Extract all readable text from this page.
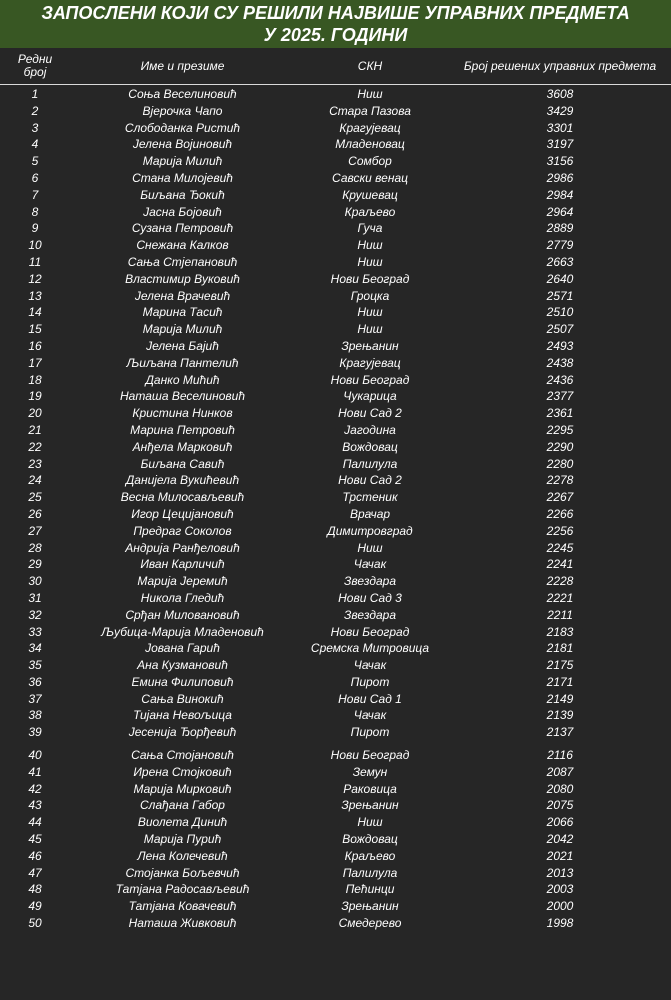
ЗАПОСЛЕНИ КОЈИ СУ РЕШИЛИ НАЈВИШЕ УПРАВНИХ ПРЕДМЕТА
У 2025. ГОДИНИ
Редни
број	Име и презиме	СКН	Број решених управних предмета
1	Соња Веселиновић	Ниш	3608
2	Вјерочка Чапо	Стара Пазова	3429
3	Слободанка Ристић	Крагујевац	3301
4	Јелена Војиновић	Младеновац	3197
5	Марија Милић	Сомбор	3156
6	Стана Милојевић	Савски венац	2986
7	Биљана Ђокић	Крушевац	2984
8	Јасна Бојовић	Краљево	2964
9	Сузана Петровић	Гуча	2889
10	Снежана Калков	Ниш	2779
11	Сања Стјепановић	Ниш	2663
12	Властимир Вуковић	Нови Београд	2640
13	Јелена Врачевић	Гроцка	2571
14	Марина Тасић	Ниш	2510
15	Марија Милић	Ниш	2507
16	Јелена Бајић	Зрењанин	2493
17	Љиљана Пантелић	Крагујевац	2438
18	Данко Мићић	Нови Београд	2436
19	Наташа Веселиновић	Чукарица	2377
20	Кристина Нинков	Нови Сад 2	2361
21	Марина Петровић	Јагодина	2295
22	Анђела Марковић	Вождовац	2290
23	Биљана Савић	Палилула	2280
24	Данијела Вукићевић	Нови Сад 2	2278
25	Весна Милосављевић	Трстеник	2267
26	Игор Цецијановић	Врачар	2266
27	Предраг Соколов	Димитровград	2256
28	Андрија Ранђеловић	Ниш	2245
29	Иван Карличић	Чачак	2241
30	Марија Јеремић	Звездара	2228
31	Никола Гледић	Нови Сад 3	2221
32	Срђан Миловановић	Звездара	2211
33	Љубица-Марија Младеновић	Нови Београд	2183
34	Јована Гарић	Сремска Митровица	2181
35	Ана Кузмановић	Чачак	2175
36	Емина Филиповић	Пирот	2171
37	Сања Винокић	Нови Сад 1	2149
38	Тијана Невољица	Чачак	2139
39	Јесенија Ђорђевић	Пирот	2137
40	Сања Стојановић	Нови Београд	2116
41	Ирена Стојковић	Земун	2087
42	Марија Мирковић	Раковица	2080
43	Слађана Габор	Зрењанин	2075
44	Виолета Динић	Ниш	2066
45	Марија Пурић	Вождовац	2042
46	Лена Колечевић	Краљево	2021
47	Стојанка Бољевчић	Палилула	2013
48	Татјана Радосављевић	Пећинци	2003
49	Татјана Ковачевић	Зрењанин	2000
50	Наташа Живковић	Смедерево	1998
